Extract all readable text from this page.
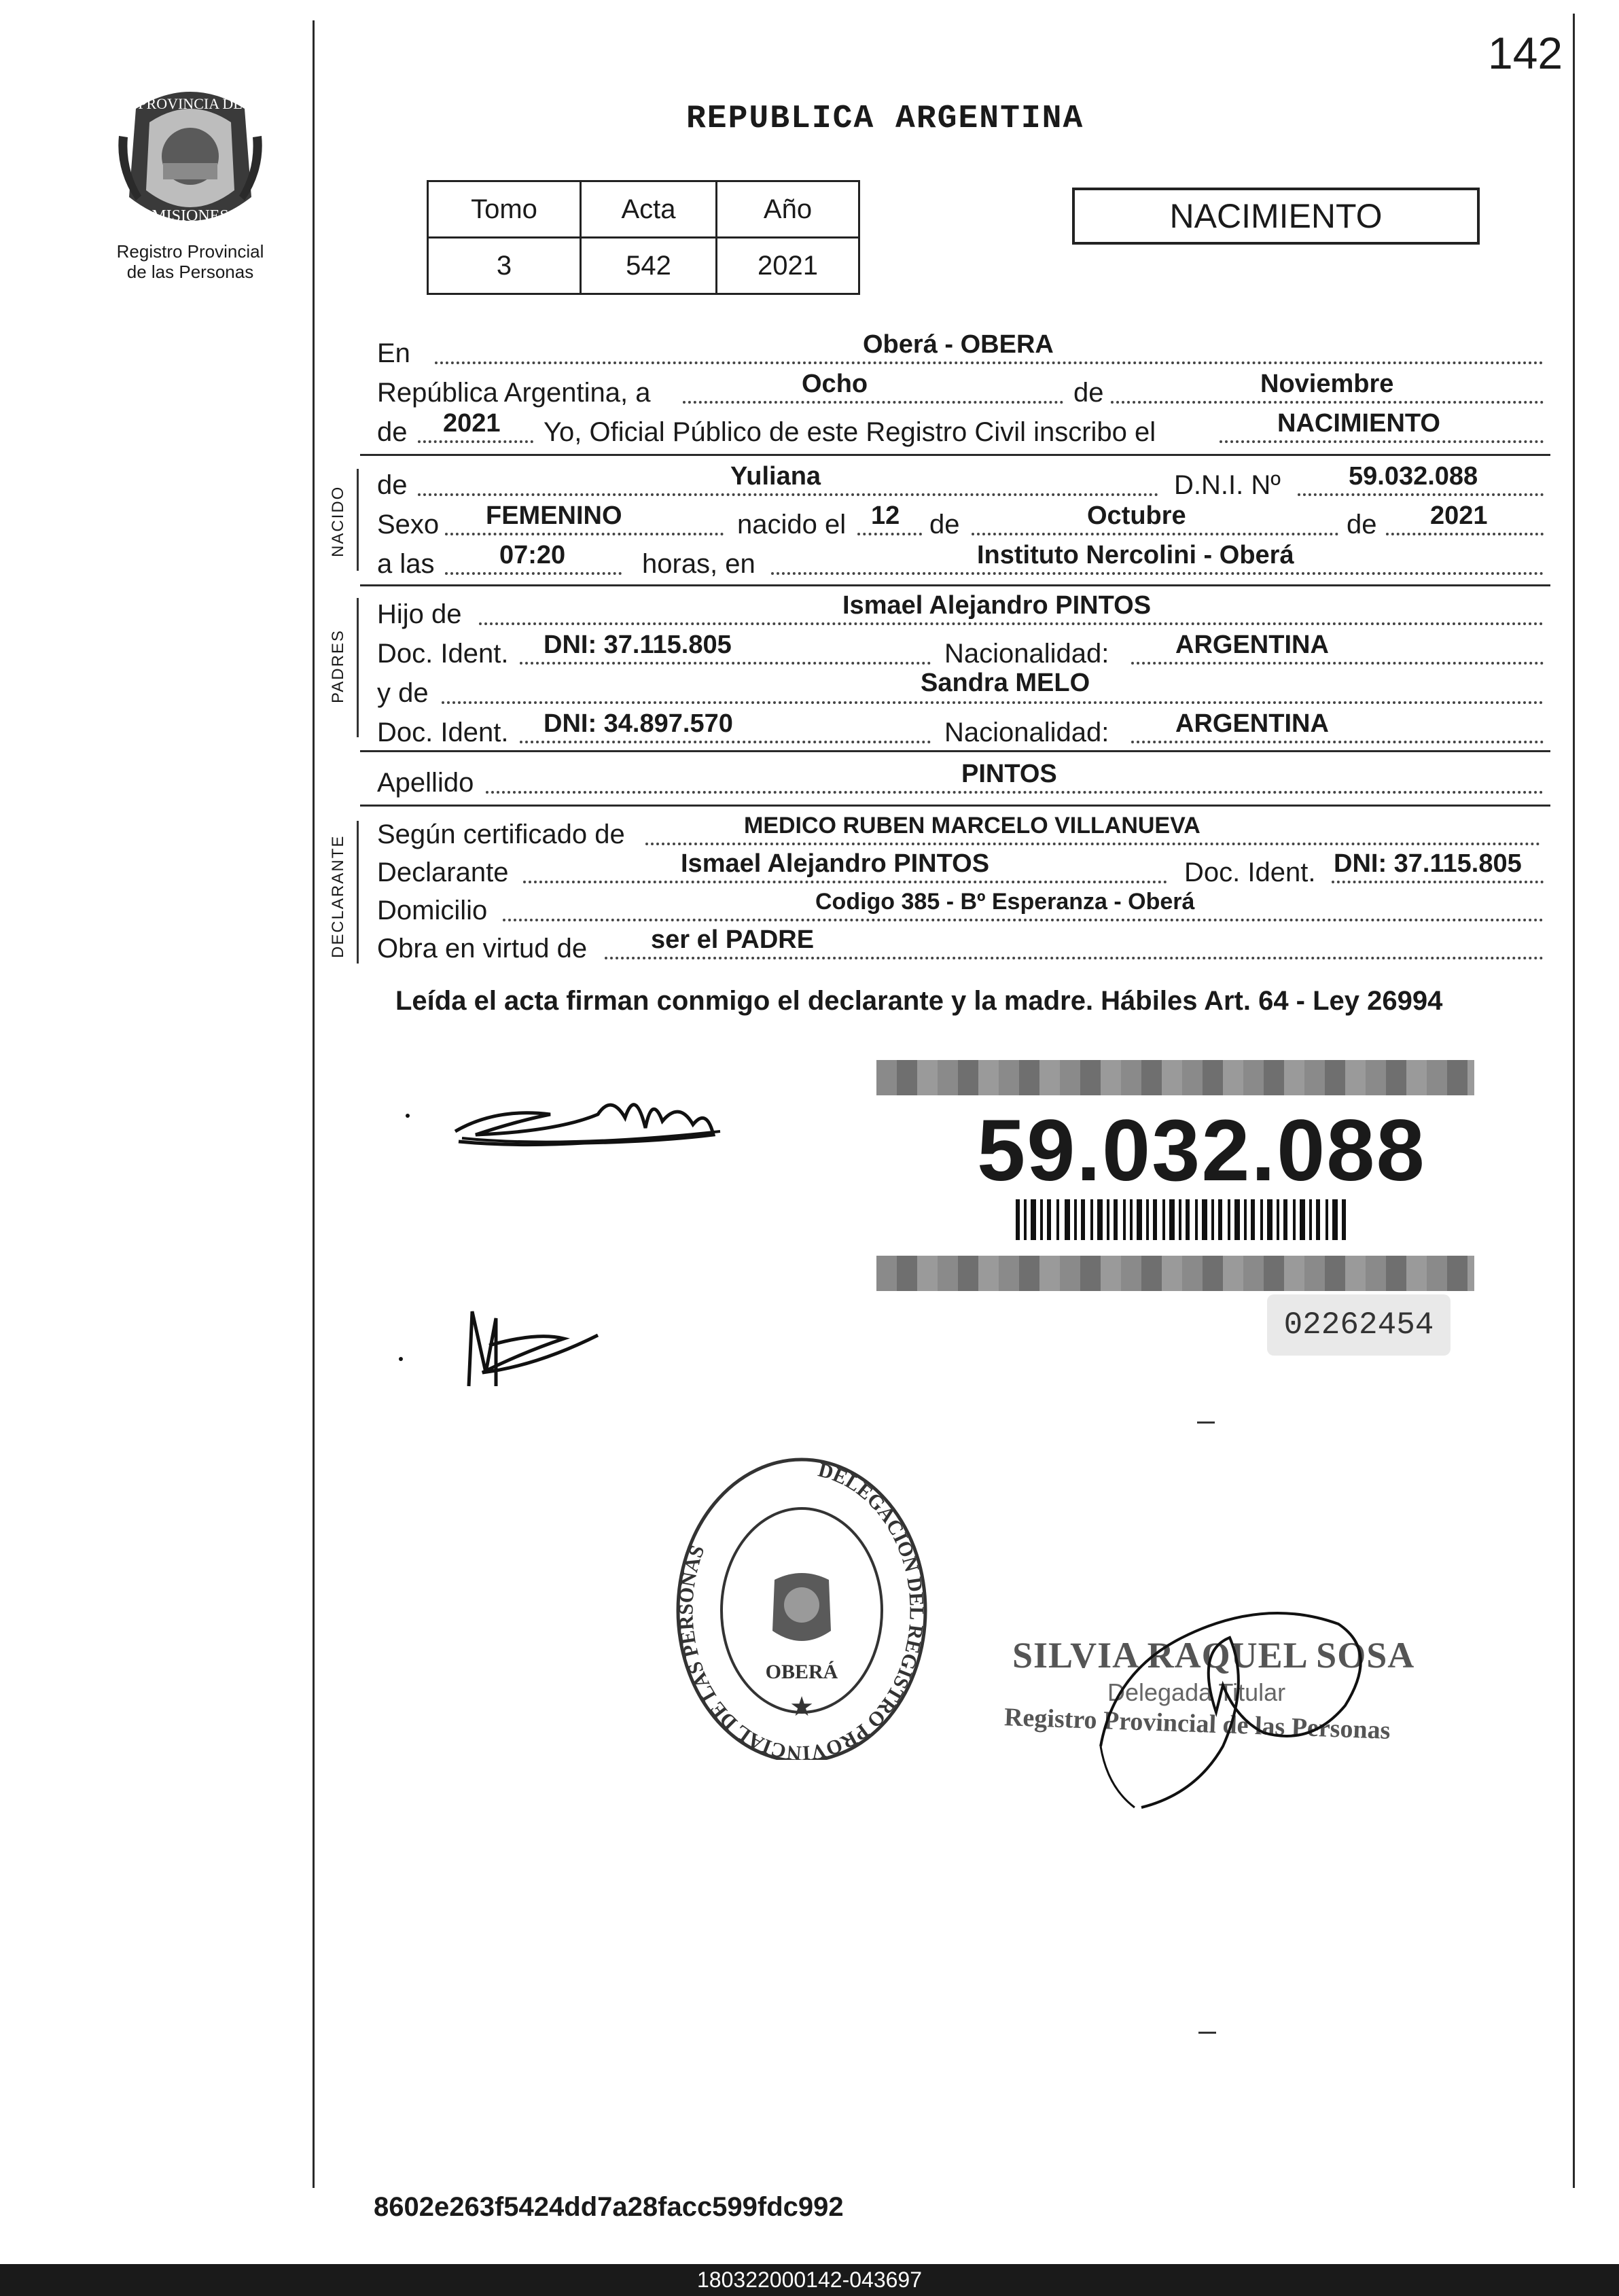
142
PROVINCIA DE
MISIONES
Registro Provincial
de las Personas
REPUBLICA ARGENTINA
Tomo	Acta	Año
3	542	2021
NACIMIENTO
En	Oberá - OBERA
República Argentina, a	Ocho	de	Noviembre
de 2021 Yo, Oficial Público de este Registro Civil inscribo el	NACIMIENTO
NACIDO
de	Yuliana	D.N.I. Nº	59.032.088
Sexo FEMENINO	nacido el 12 de	Octubre	de 2021
a las	07:20	horas, en	Instituto Nercolini - Oberá
PADRES
Hijo de	Ismael Alejandro PINTOS
Doc. Ident. DNI: 37.115.805	Nacionalidad:	ARGENTINA
y de	Sandra MELO
Doc. Ident. DNI: 34.897.570	Nacionalidad:	ARGENTINA
Apellido	PINTOS
DECLARANTE
Según certificado de	MEDICO RUBEN MARCELO VILLANUEVA
Declarante	Ismael Alejandro PINTOS	Doc. Ident. DNI: 37.115.805
Domicilio	Codigo 385 - Bº Esperanza - Oberá
Obra en virtud de ser el PADRE
Leída el acta firman conmigo el declarante y la madre. Hábiles Art. 64 - Ley 26994
59.032.088
02262454
DELEGACION DEL REGISTRO PROVINCIAL DE LAS PERSONAS
OBERÁ
★
SILVIA RAQUEL SOSA
Delegada Titular
Registro Provincial de las Personas
8602e263f5424dd7a28facc599fdc992
180322000142-043697
